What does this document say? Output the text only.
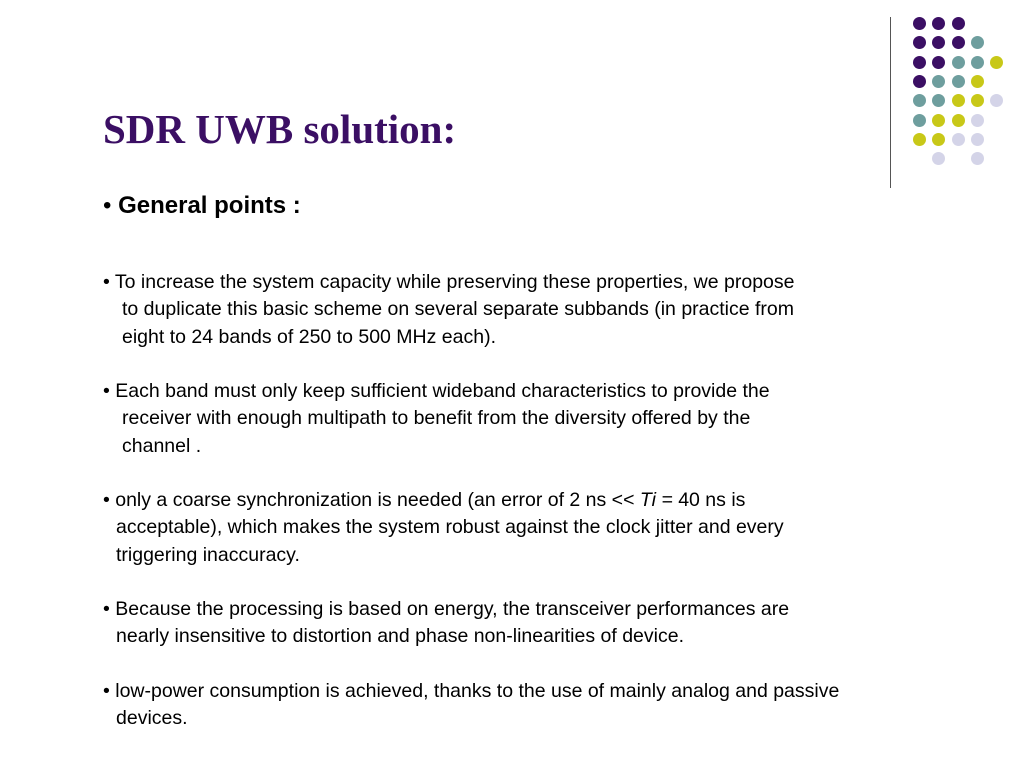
SDR UWB solution:
• General points :
• To increase the system capacity while preserving these properties, we propose
to duplicate this basic scheme on several separate subbands (in practice from
eight to 24 bands of 250 to 500 MHz each).
• Each band must only keep sufficient wideband characteristics to provide the
receiver with enough multipath to benefit from the diversity offered by the
channel .
• only a coarse synchronization is needed (an error of 2 ns << Ti = 40 ns is
acceptable), which makes the system robust against the clock jitter and every
triggering inaccuracy.
• Because the processing is based on energy, the transceiver performances are
nearly insensitive to distortion and phase non-linearities of device.
• low-power consumption is achieved, thanks to the use of mainly analog and passive
devices.
